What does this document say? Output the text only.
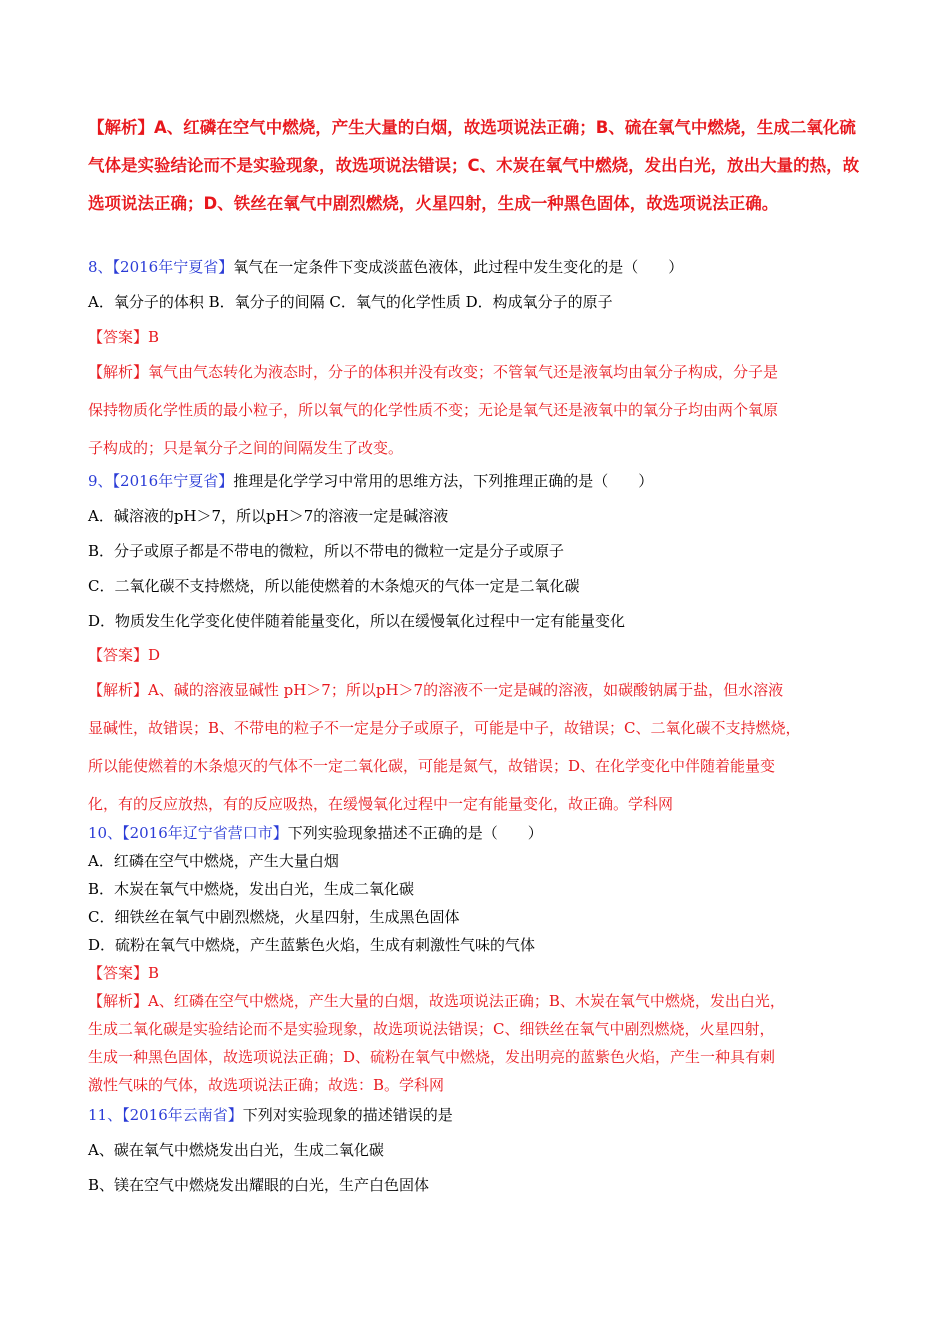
【解析】A、红磷在空气中燃烧，产生大量的白烟，故选项说法正确；B、硫在氧气中燃烧，生成二氧化硫
气体是实验结论而不是实验现象，故选项说法错误；C、木炭在氧气中燃烧，发出白光，放出大量的热，故
选项说法正确；D、铁丝在氧气中剧烈燃烧，火星四射，生成一种黑色固体，故选项说法正确。
8、【2016年宁夏省】氧气在一定条件下变成淡蓝色液体，此过程中发生变化的是（　　）
A．氧分子的体积 B．氧分子的间隔 C．氧气的化学性质 D．构成氧分子的原子
【答案】B
【解析】氧气由气态转化为液态时，分子的体积并没有改变；不管氧气还是液氧均由氧分子构成，分子是
保持物质化学性质的最小粒子，所以氧气的化学性质不变；无论是氧气还是液氧中的氧分子均由两个氧原
子构成的；只是氧分子之间的间隔发生了改变。
9、【2016年宁夏省】推理是化学学习中常用的思维方法，下列推理正确的是（　　）
A．碱溶液的pH＞7，所以pH＞7的溶液一定是碱溶液
B．分子或原子都是不带电的微粒，所以不带电的微粒一定是分子或原子
C．二氧化碳不支持燃烧，所以能使燃着的木条熄灭的气体一定是二氧化碳
D．物质发生化学变化使伴随着能量变化，所以在缓慢氧化过程中一定有能量变化
【答案】D
【解析】A、碱的溶液显碱性 pH＞7；所以pH＞7的溶液不一定是碱的溶液，如碳酸钠属于盐，但水溶液
显碱性，故错误；B、不带电的粒子不一定是分子或原子，可能是中子，故错误；C、二氧化碳不支持燃烧，
所以能使燃着的木条熄灭的气体不一定二氧化碳，可能是氮气，故错误；D、在化学变化中伴随着能量变
化，有的反应放热，有的反应吸热，在缓慢氧化过程中一定有能量变化，故正确。学科网
10、【2016年辽宁省营口市】下列实验现象描述不正确的是（　　）
A．红磷在空气中燃烧，产生大量白烟
B．木炭在氧气中燃烧，发出白光，生成二氧化碳
C．细铁丝在氧气中剧烈燃烧，火星四射，生成黑色固体
D．硫粉在氧气中燃烧，产生蓝紫色火焰，生成有刺激性气味的气体
【答案】B
【解析】A、红磷在空气中燃烧，产生大量的白烟，故选项说法正确；B、木炭在氧气中燃烧，发出白光，
生成二氧化碳是实验结论而不是实验现象，故选项说法错误；C、细铁丝在氧气中剧烈燃烧，火星四射，
生成一种黑色固体，故选项说法正确；D、硫粉在氧气中燃烧，发出明亮的蓝紫色火焰，产生一种具有刺
激性气味的气体，故选项说法正确；故选：B。学科网
11、【2016年云南省】下列对实验现象的描述错误的是
A、碳在氧气中燃烧发出白光，生成二氧化碳
B、镁在空气中燃烧发出耀眼的白光，生产白色固体
